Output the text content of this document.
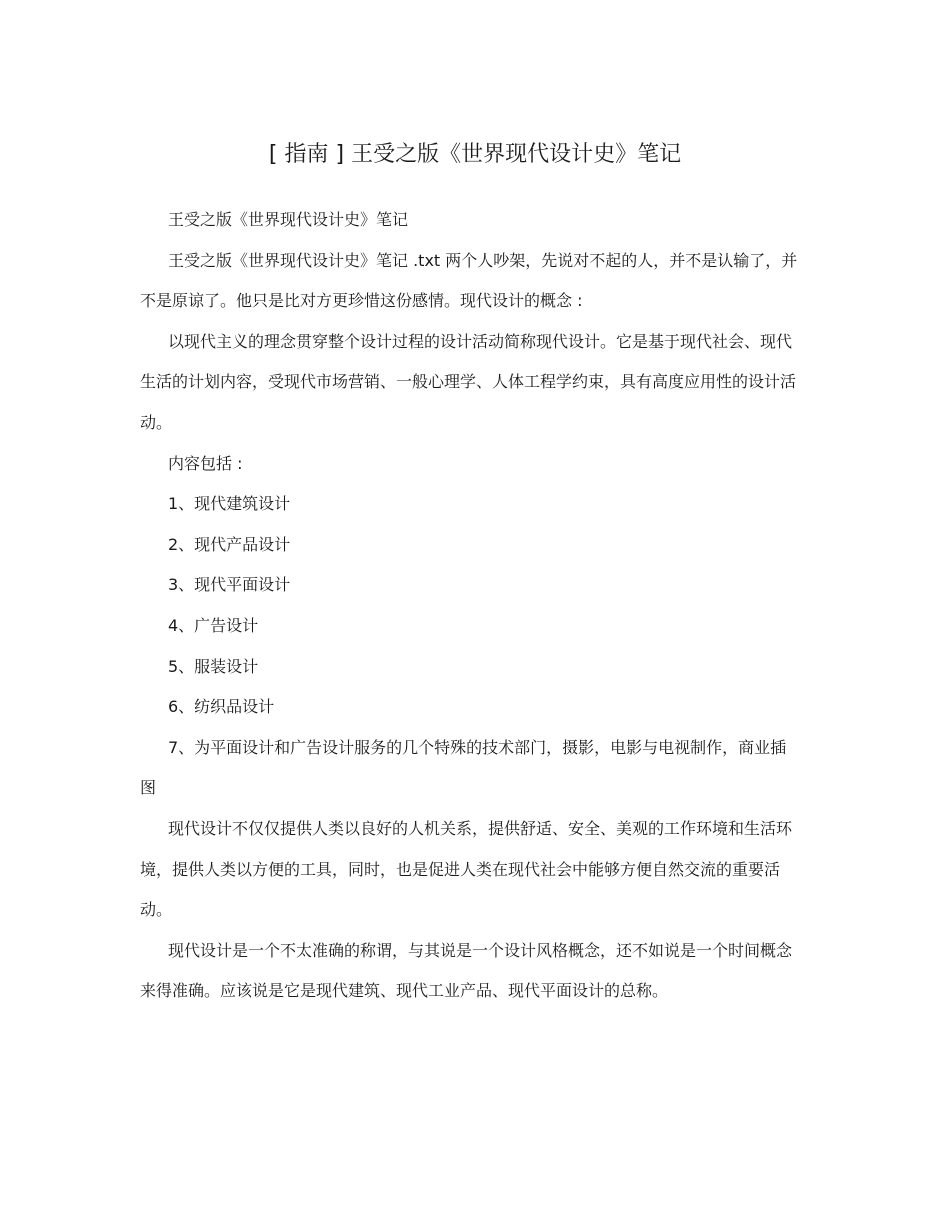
[ 指南 ] 王受之版《世界现代设计史》笔记

王受之版《世界现代设计史》笔记

王受之版《世界现代设计史》笔记 .txt 两个人吵架，先说对不起的人，并不是认输了，并不是原谅了。他只是比对方更珍惜这份感情。现代设计的概念 :

以现代主义的理念贯穿整个设计过程的设计活动简称现代设计。它是基于现代社会、现代生活的计划内容，受现代市场营销、一般心理学、人体工程学约束，具有高度应用性的设计活动。

内容包括 :

1、现代建筑设计

2、现代产品设计

3、现代平面设计

4、广告设计

5、服装设计

6、纺织品设计

7、为平面设计和广告设计服务的几个特殊的技术部门，摄影，电影与电视制作，商业插图

现代设计不仅仅提供人类以良好的人机关系，提供舒适、安全、美观的工作环境和生活环境，提供人类以方便的工具，同时，也是促进人类在现代社会中能够方便自然交流的重要活动。

现代设计是一个不太准确的称谓，与其说是一个设计风格概念，还不如说是一个时间概念来得准确。应该说是它是现代建筑、现代工业产品、现代平面设计的总称。
